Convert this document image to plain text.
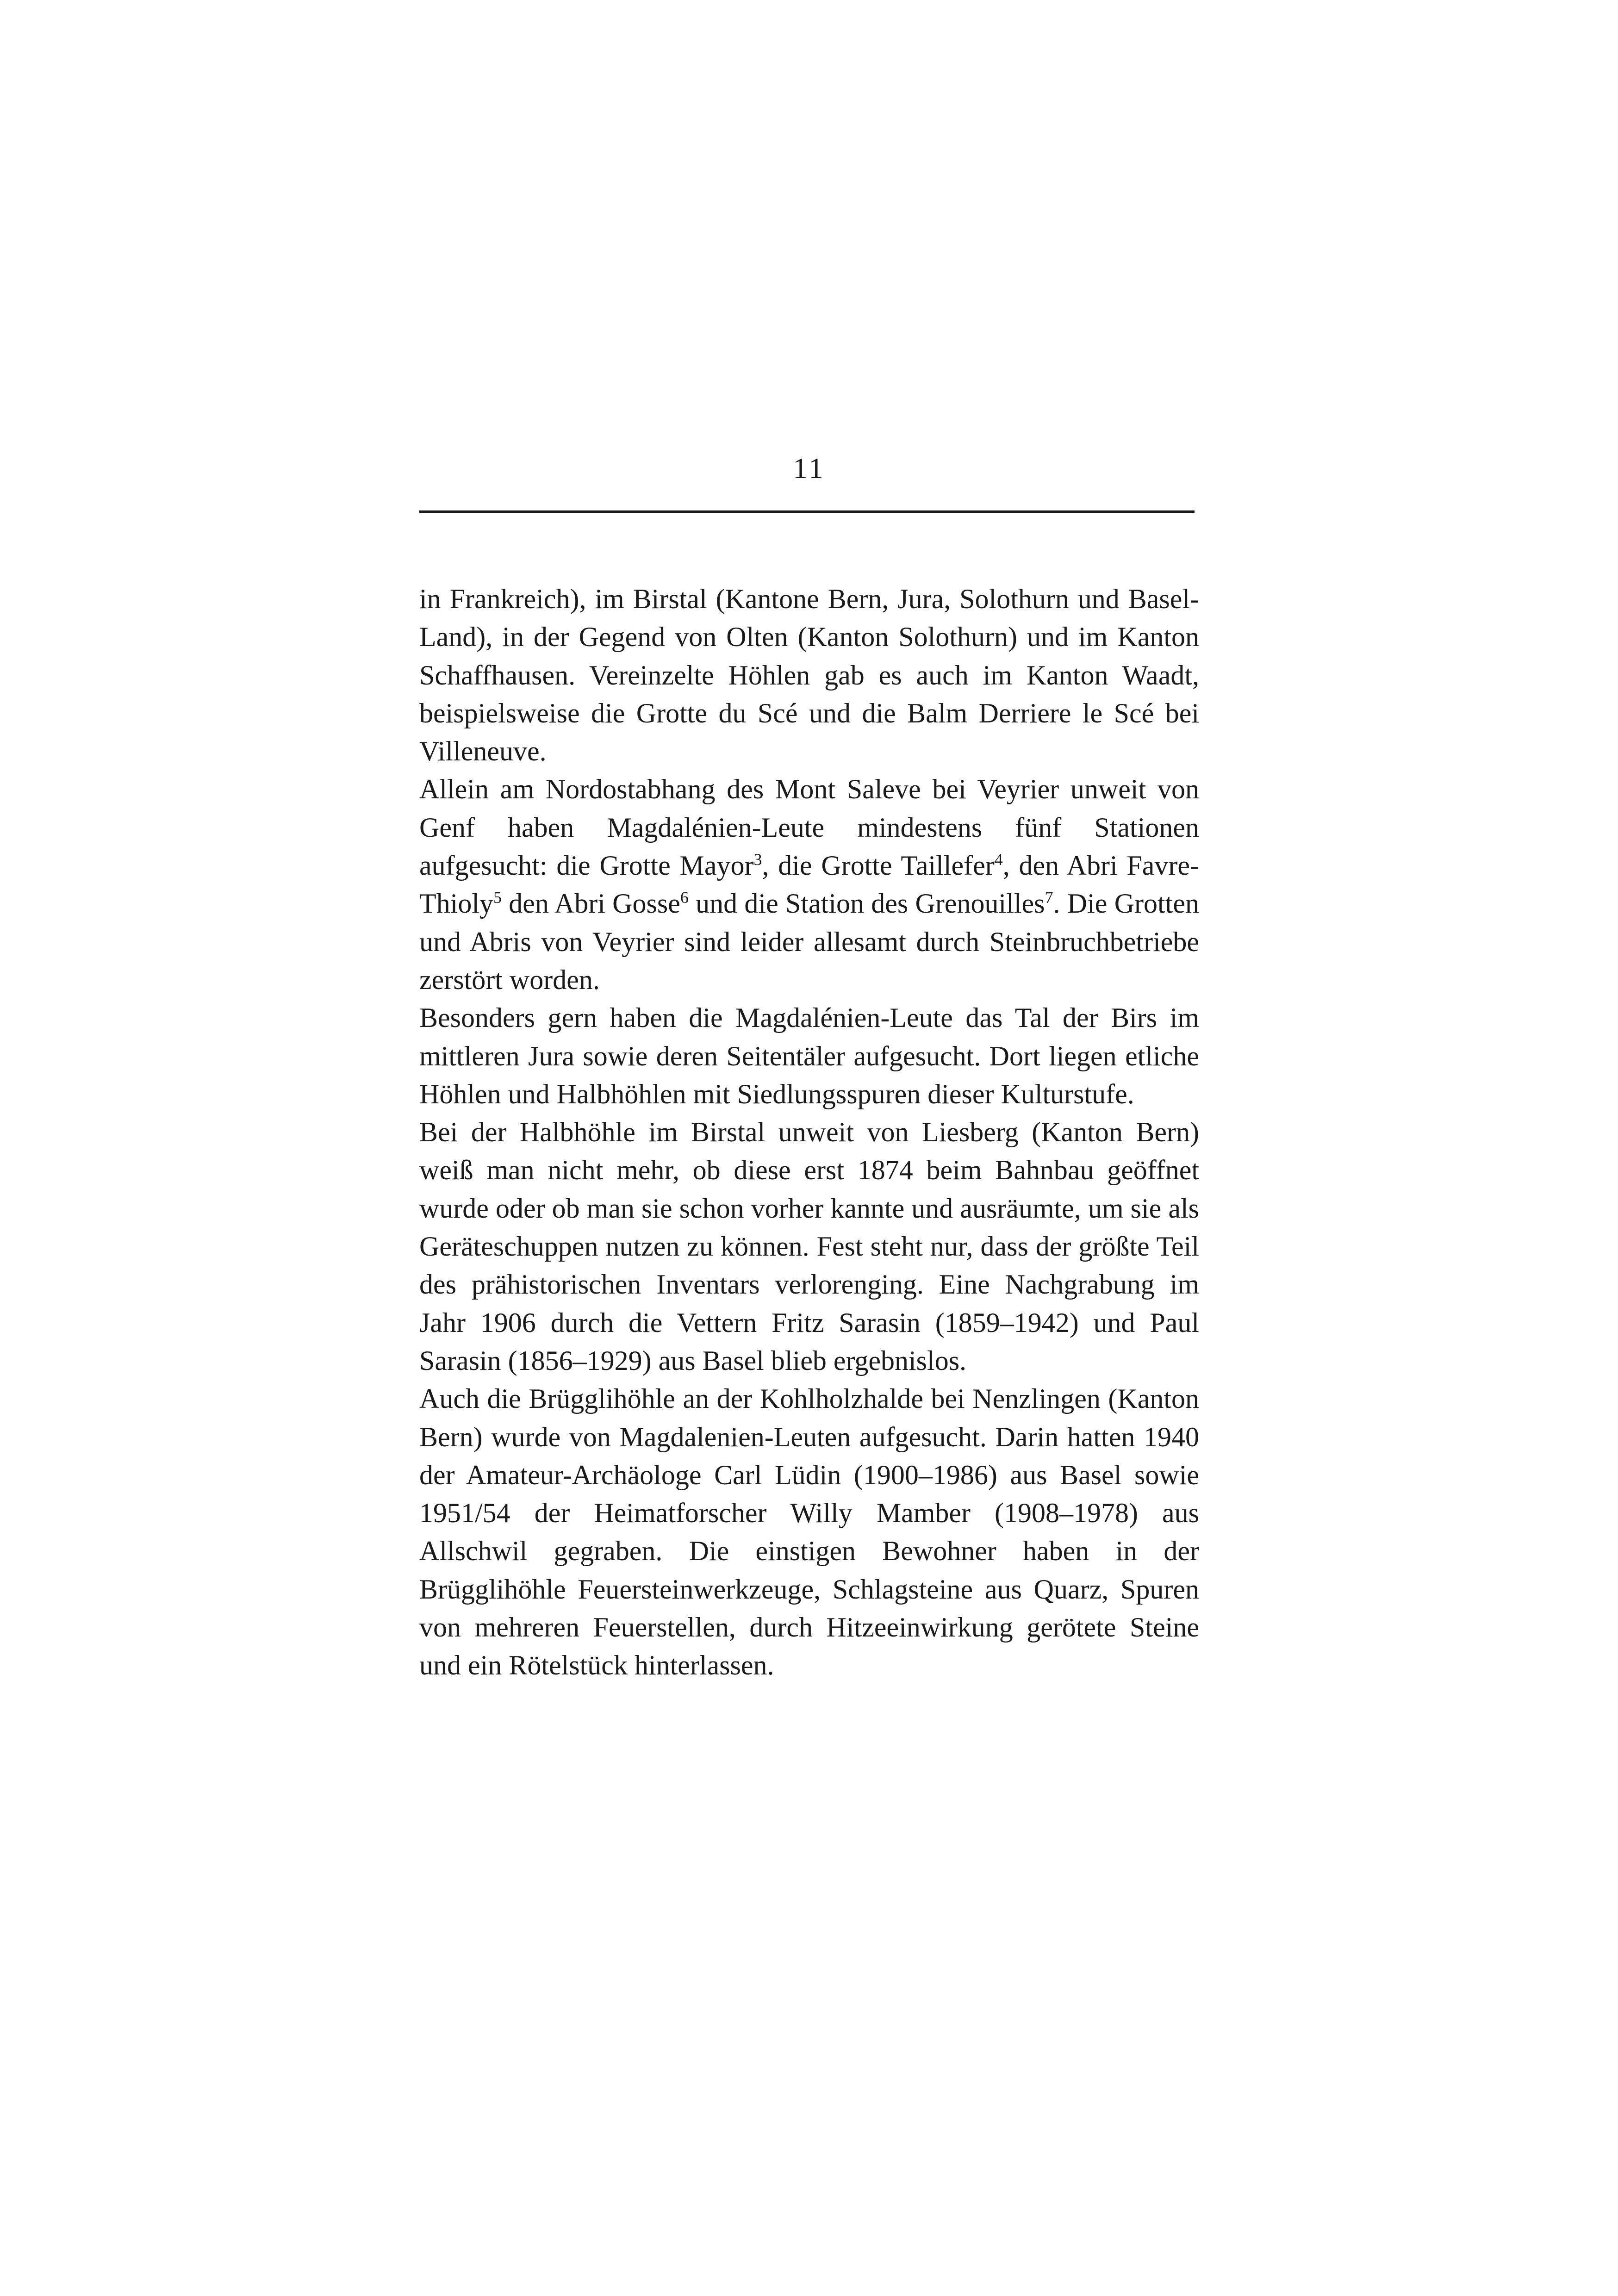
11

in Frankreich), im Birstal (Kantone Bern, Jura, Solothurn und Basel-Land), in der Gegend von Olten (Kanton Solothurn) und im Kanton Schaffhausen. Vereinzelte Höhlen gab es auch im Kanton Waadt, beispielsweise die Grotte du Scé und die Balm Derriere le Scé bei Villeneuve.

Allein am Nordostabhang des Mont Saleve bei Veyrier unweit von Genf haben Magdalénien-Leute mindestens fünf Stationen aufgesucht: die Grotte Mayor$^3$, die Grotte Taillefer$^4$, den Abri Favre-Thioly$^5$ den Abri Gosse$^6$ und die Station des Grenouilles$^7$. Die Grotten und Abris von Veyrier sind leider allesamt durch Steinbruchbetriebe zerstört worden.

Besonders gern haben die Magdalénien-Leute das Tal der Birs im mittleren Jura sowie deren Seitentäler aufgesucht. Dort liegen etliche Höhlen und Halbhöhlen mit Siedlungsspuren dieser Kulturstufe.

Bei der Halbhöhle im Birstal unweit von Liesberg (Kanton Bern) weiß man nicht mehr, ob diese erst 1874 beim Bahnbau geöffnet wurde oder ob man sie schon vorher kannte und ausräumte, um sie als Geräteschuppen nutzen zu können. Fest steht nur, dass der größte Teil des prähistorischen Inventars verlorenging. Eine Nachgrabung im Jahr 1906 durch die Vettern Fritz Sarasin (1859–1942) und Paul Sarasin (1856–1929) aus Basel blieb ergebnislos.

Auch die Brügglihöhle an der Kohlholzhalde bei Nenzlingen (Kanton Bern) wurde von Magdalenien-Leuten aufgesucht. Darin hatten 1940 der Amateur-Archäologe Carl Lüdin (1900–1986) aus Basel sowie 1951/54 der Heimatforscher Willy Mamber (1908–1978) aus Allschwil gegraben. Die einstigen Bewohner haben in der Brügglihöhle Feuersteinwerkzeuge, Schlagsteine aus Quarz, Spuren von mehreren Feuerstellen, durch Hitzeeinwirkung gerötete Steine und ein Rötelstück hinterlassen.
